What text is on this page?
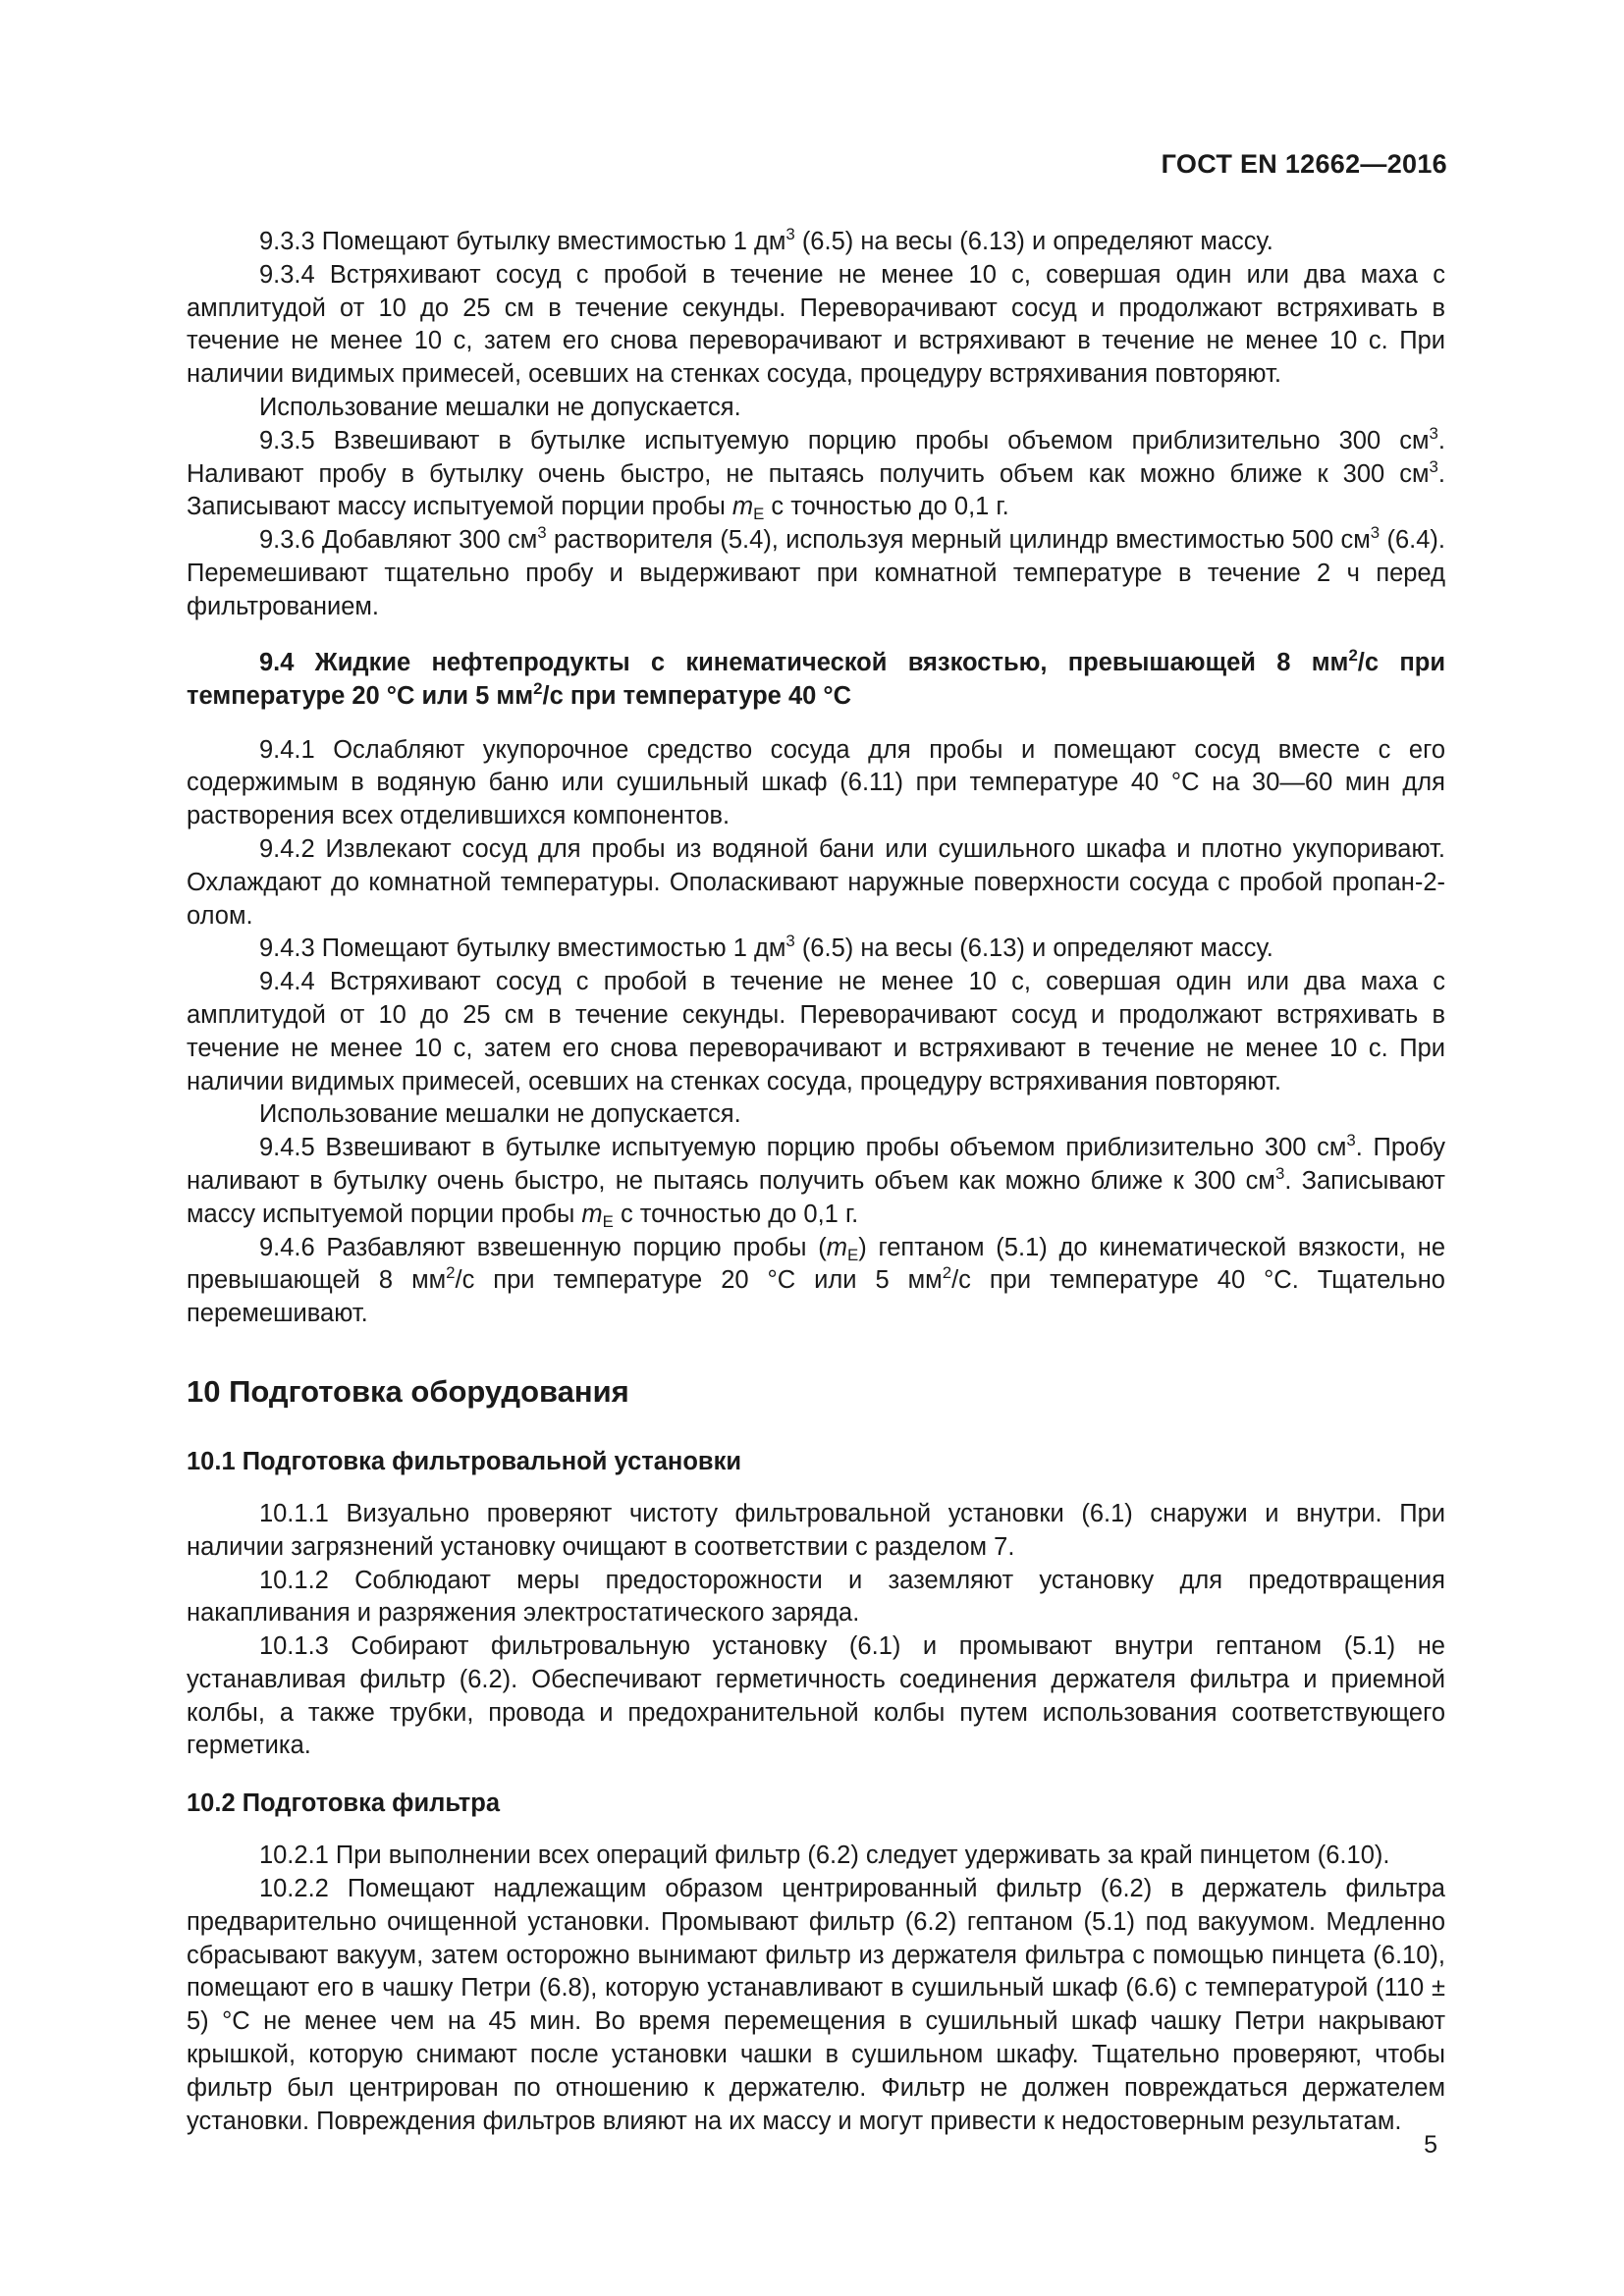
ГОСТ EN 12662—2016

9.3.3 Помещают бутылку вместимостью 1 $дм^3$ (6.5) на весы (6.13) и определяют массу.

9.3.4 Встряхивают сосуд с пробой в течение не менее 10 с, совершая один или два маха с амплитудой от 10 до 25 см в течение секунды. Переворачивают сосуд и продолжают встряхивать в течение не менее 10 с, затем его снова переворачивают и встряхивают в течение не менее 10 с. При наличии видимых примесей, осевших на стенках сосуда, процедуру встряхивания повторяют.

Использование мешалки не допускается.

9.3.5 Взвешивают в бутылке испытуемую порцию пробы объемом приблизительно 300 $см^3$. Наливают пробу в бутылку очень быстро, не пытаясь получить объем как можно ближе к 300 $см^3$. Записывают массу испытуемой порции пробы $m_E$ с точностью до 0,1 г.

9.3.6 Добавляют 300 $см^3$ растворителя (5.4), используя мерный цилиндр вместимостью 500 $см^3$ (6.4). Перемешивают тщательно пробу и выдерживают при комнатной температуре в течение 2 ч перед фильтрованием.

9.4 Жидкие нефтепродукты с кинематической вязкостью, превышающей 8 $мм^2/с$ при температуре 20 °С или 5 $мм^2/с$ при температуре 40 °С

9.4.1 Ослабляют укупорочное средство сосуда для пробы и помещают сосуд вместе с его содержимым в водяную баню или сушильный шкаф (6.11) при температуре 40 °С на 30—60 мин для растворения всех отделившихся компонентов.

9.4.2 Извлекают сосуд для пробы из водяной бани или сушильного шкафа и плотно укупоривают. Охлаждают до комнатной температуры. Ополаскивают наружные поверхности сосуда с пробой пропан-2-олом.

9.4.3 Помещают бутылку вместимостью 1 $дм^3$ (6.5) на весы (6.13) и определяют массу.

9.4.4 Встряхивают сосуд с пробой в течение не менее 10 с, совершая один или два маха с амплитудой от 10 до 25 см в течение секунды. Переворачивают сосуд и продолжают встряхивать в течение не менее 10 с, затем его снова переворачивают и встряхивают в течение не менее 10 с. При наличии видимых примесей, осевших на стенках сосуда, процедуру встряхивания повторяют.

Использование мешалки не допускается.

9.4.5 Взвешивают в бутылке испытуемую порцию пробы объемом приблизительно 300 $см^3$. Пробу наливают в бутылку очень быстро, не пытаясь получить объем как можно ближе к 300 $см^3$. Записывают массу испытуемой порции пробы $m_E$ с точностью до 0,1 г.

9.4.6 Разбавляют взвешенную порцию пробы $(m_E)$ гептаном (5.1) до кинематической вязкости, не превышающей 8 $мм^2/с$ при температуре 20 °С или 5 $мм^2/с$ при температуре 40 °С. Тщательно перемешивают.

10 Подготовка оборудования
10.1 Подготовка фильтровальной установки

10.1.1 Визуально проверяют чистоту фильтровальной установки (6.1) снаружи и внутри. При наличии загрязнений установку очищают в соответствии с разделом 7.

10.1.2 Соблюдают меры предосторожности и заземляют установку для предотвращения накапливания и разряжения электростатического заряда.

10.1.3 Собирают фильтровальную установку (6.1) и промывают внутри гептаном (5.1) не устанавливая фильтр (6.2). Обеспечивают герметичность соединения держателя фильтра и приемной колбы, а также трубки, провода и предохранительной колбы путем использования соответствующего герметика.

10.2 Подготовка фильтра

10.2.1 При выполнении всех операций фильтр (6.2) следует удерживать за край пинцетом (6.10).

10.2.2 Помещают надлежащим образом центрированный фильтр (6.2) в держатель фильтра предварительно очищенной установки. Промывают фильтр (6.2) гептаном (5.1) под вакуумом. Медленно сбрасывают вакуум, затем осторожно вынимают фильтр из держателя фильтра с помощью пинцета (6.10), помещают его в чашку Петри (6.8), которую устанавливают в сушильный шкаф (6.6) с температурой (110 ± 5) °С не менее чем на 45 мин. Во время перемещения в сушильный шкаф чашку Петри накрывают крышкой, которую снимают после установки чашки в сушильном шкафу. Тщательно проверяют, чтобы фильтр был центрирован по отношению к держателю. Фильтр не должен повреждаться держателем установки. Повреждения фильтров влияют на их массу и могут привести к недостоверным результатам.

5
